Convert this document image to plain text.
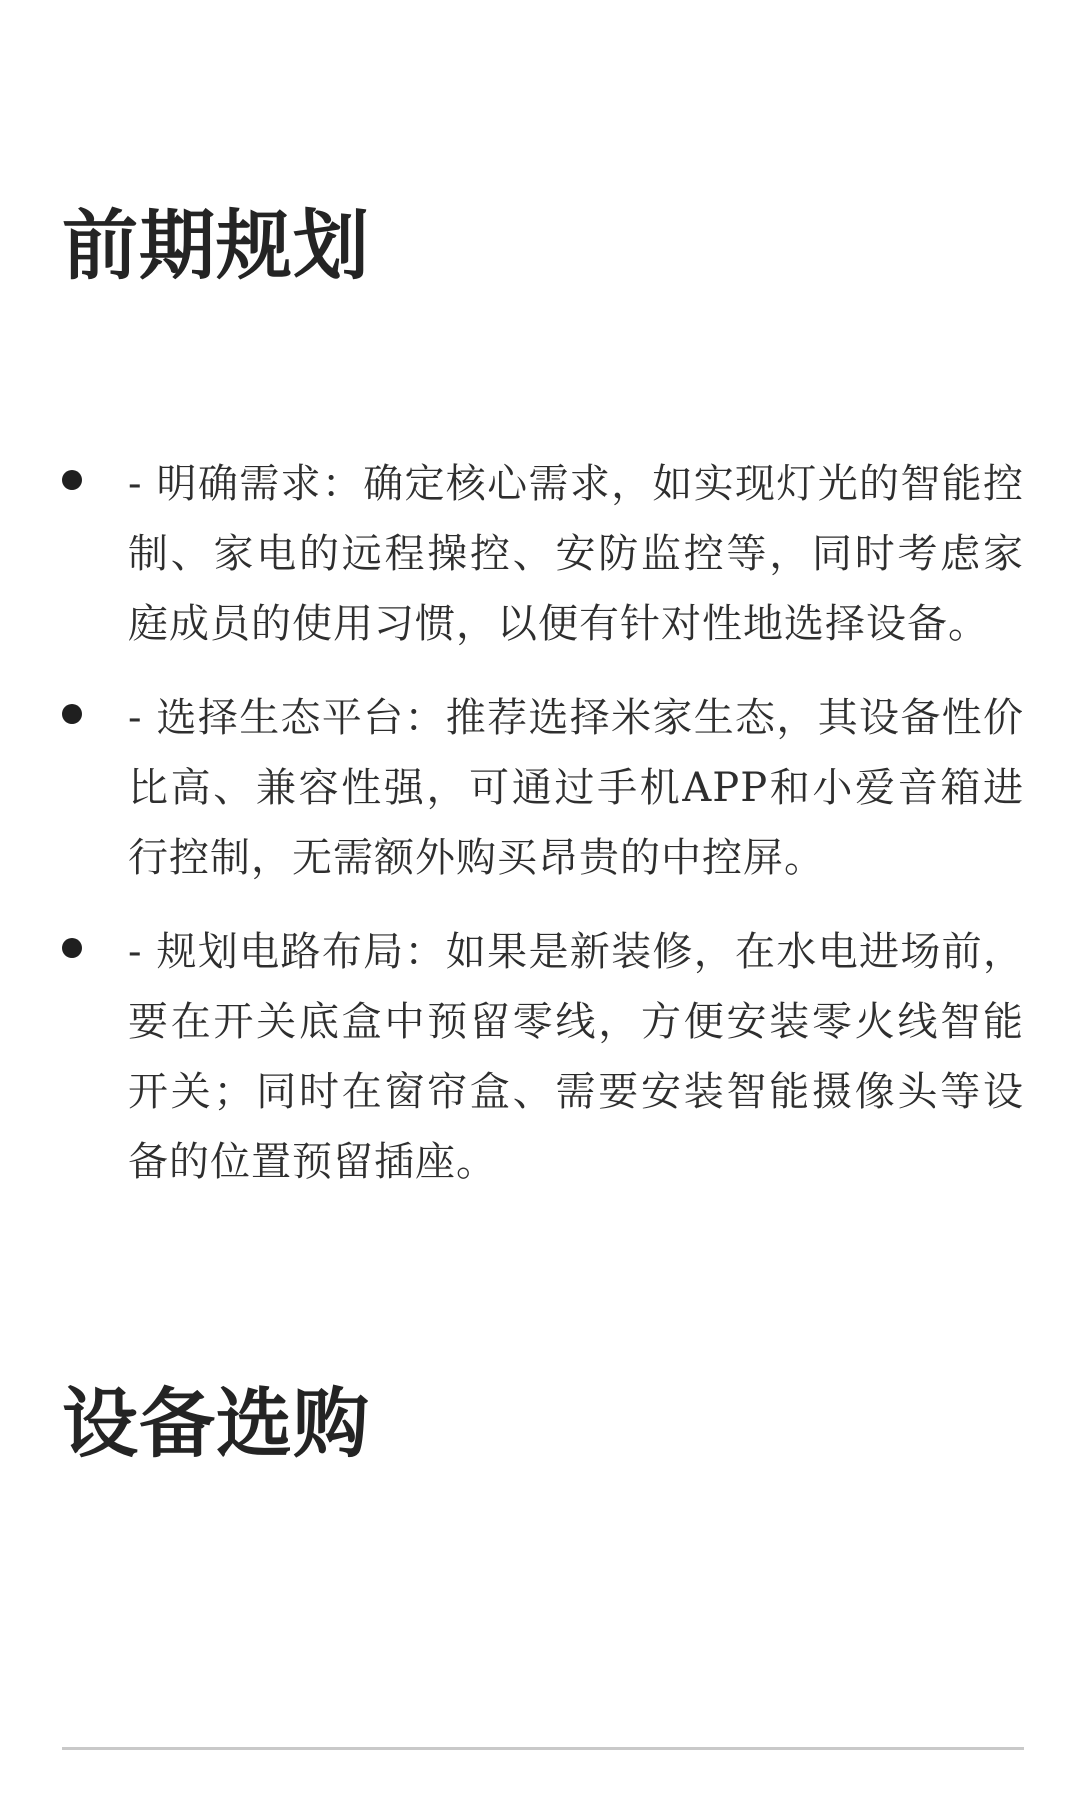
前期规划
- 明确需求：确定核心需求，如实现灯光的智能控制、家电的远程操控、安防监控等，同时考虑家庭成员的使用习惯，以便有针对性地选择设备。
- 选择生态平台：推荐选择米家生态，其设备性价比高、兼容性强，可通过手机APP和小爱音箱进行控制，无需额外购买昂贵的中控屏。
- 规划电路布局：如果是新装修，在水电进场前，要在开关底盒中预留零线，方便安装零火线智能开关；同时在窗帘盒、需要安装智能摄像头等设备的位置预留插座。
设备选购
